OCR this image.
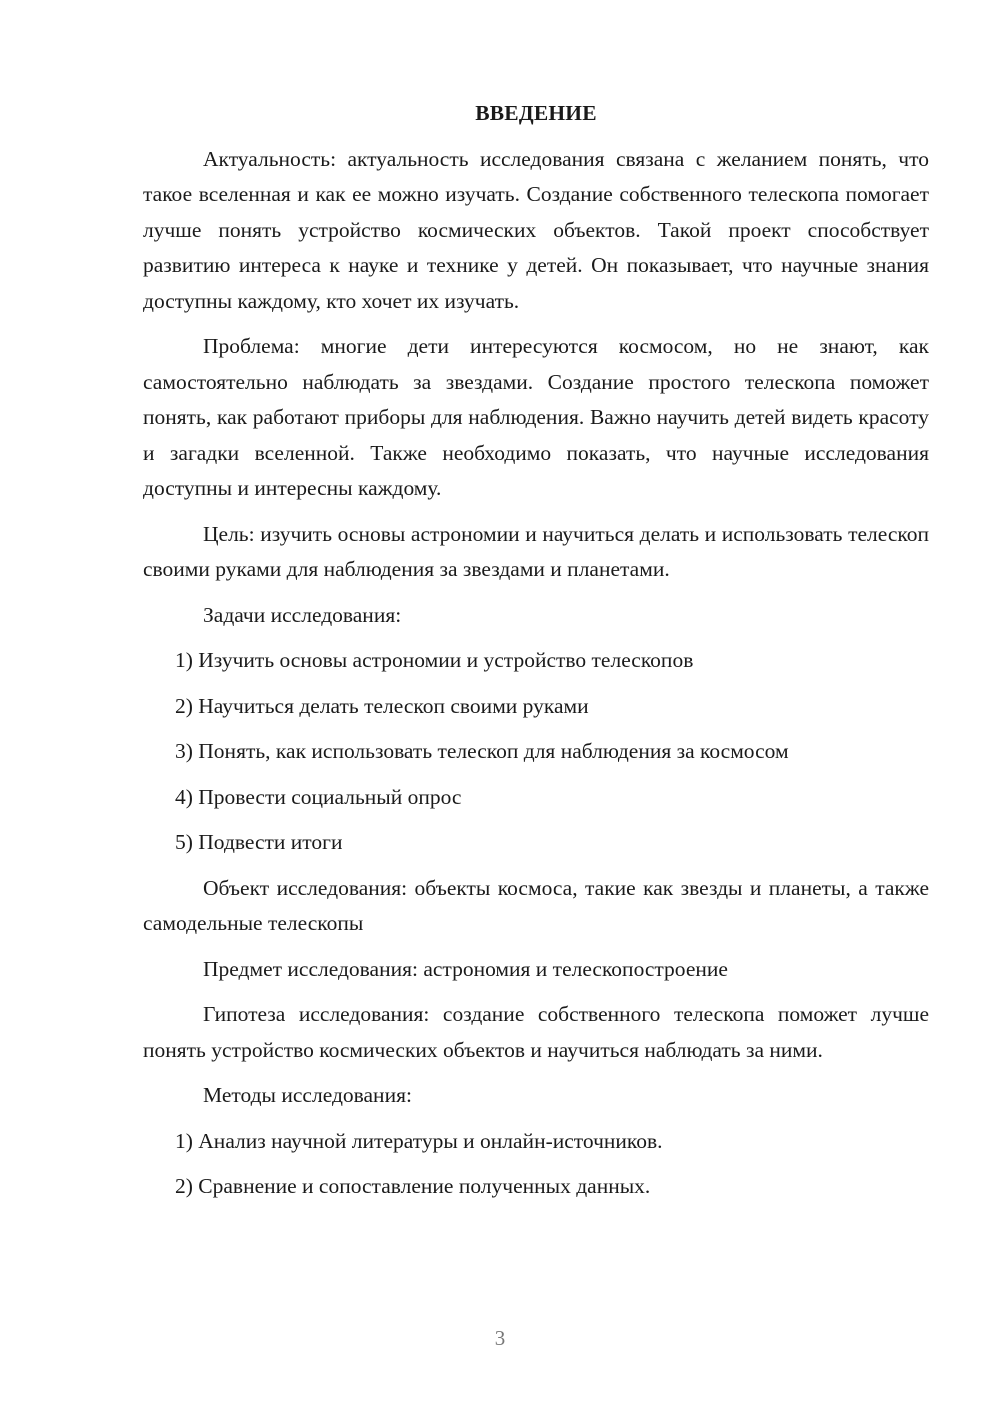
ВВЕДЕНИЕ

Актуальность: актуальность исследования связана с желанием понять, что такое вселенная и как ее можно изучать. Создание собственного телескопа помогает лучше понять устройство космических объектов. Такой проект способствует развитию интереса к науке и технике у детей. Он показывает, что научные знания доступны каждому, кто хочет их изучать.

Проблема: многие дети интересуются космосом, но не знают, как самостоятельно наблюдать за звездами. Создание простого телескопа поможет понять, как работают приборы для наблюдения. Важно научить детей видеть красоту и загадки вселенной. Также необходимо показать, что научные исследования доступны и интересны каждому.

Цель: изучить основы астрономии и научиться делать и использовать телескоп своими руками для наблюдения за звездами и планетами.

Задачи исследования:

1) Изучить основы астрономии и устройство телескопов
2) Научиться делать телескоп своими руками
3) Понять, как использовать телескоп для наблюдения за космосом
4) Провести социальный опрос
5) Подвести итоги

Объект исследования: объекты космоса, такие как звезды и планеты, а также самодельные телескопы

Предмет исследования: астрономия и телескопостроение

Гипотеза исследования: создание собственного телескопа поможет лучше понять устройство космических объектов и научиться наблюдать за ними.

Методы исследования:

1) Анализ научной литературы и онлайн-источников.
2) Сравнение и сопоставление полученных данных.
3
